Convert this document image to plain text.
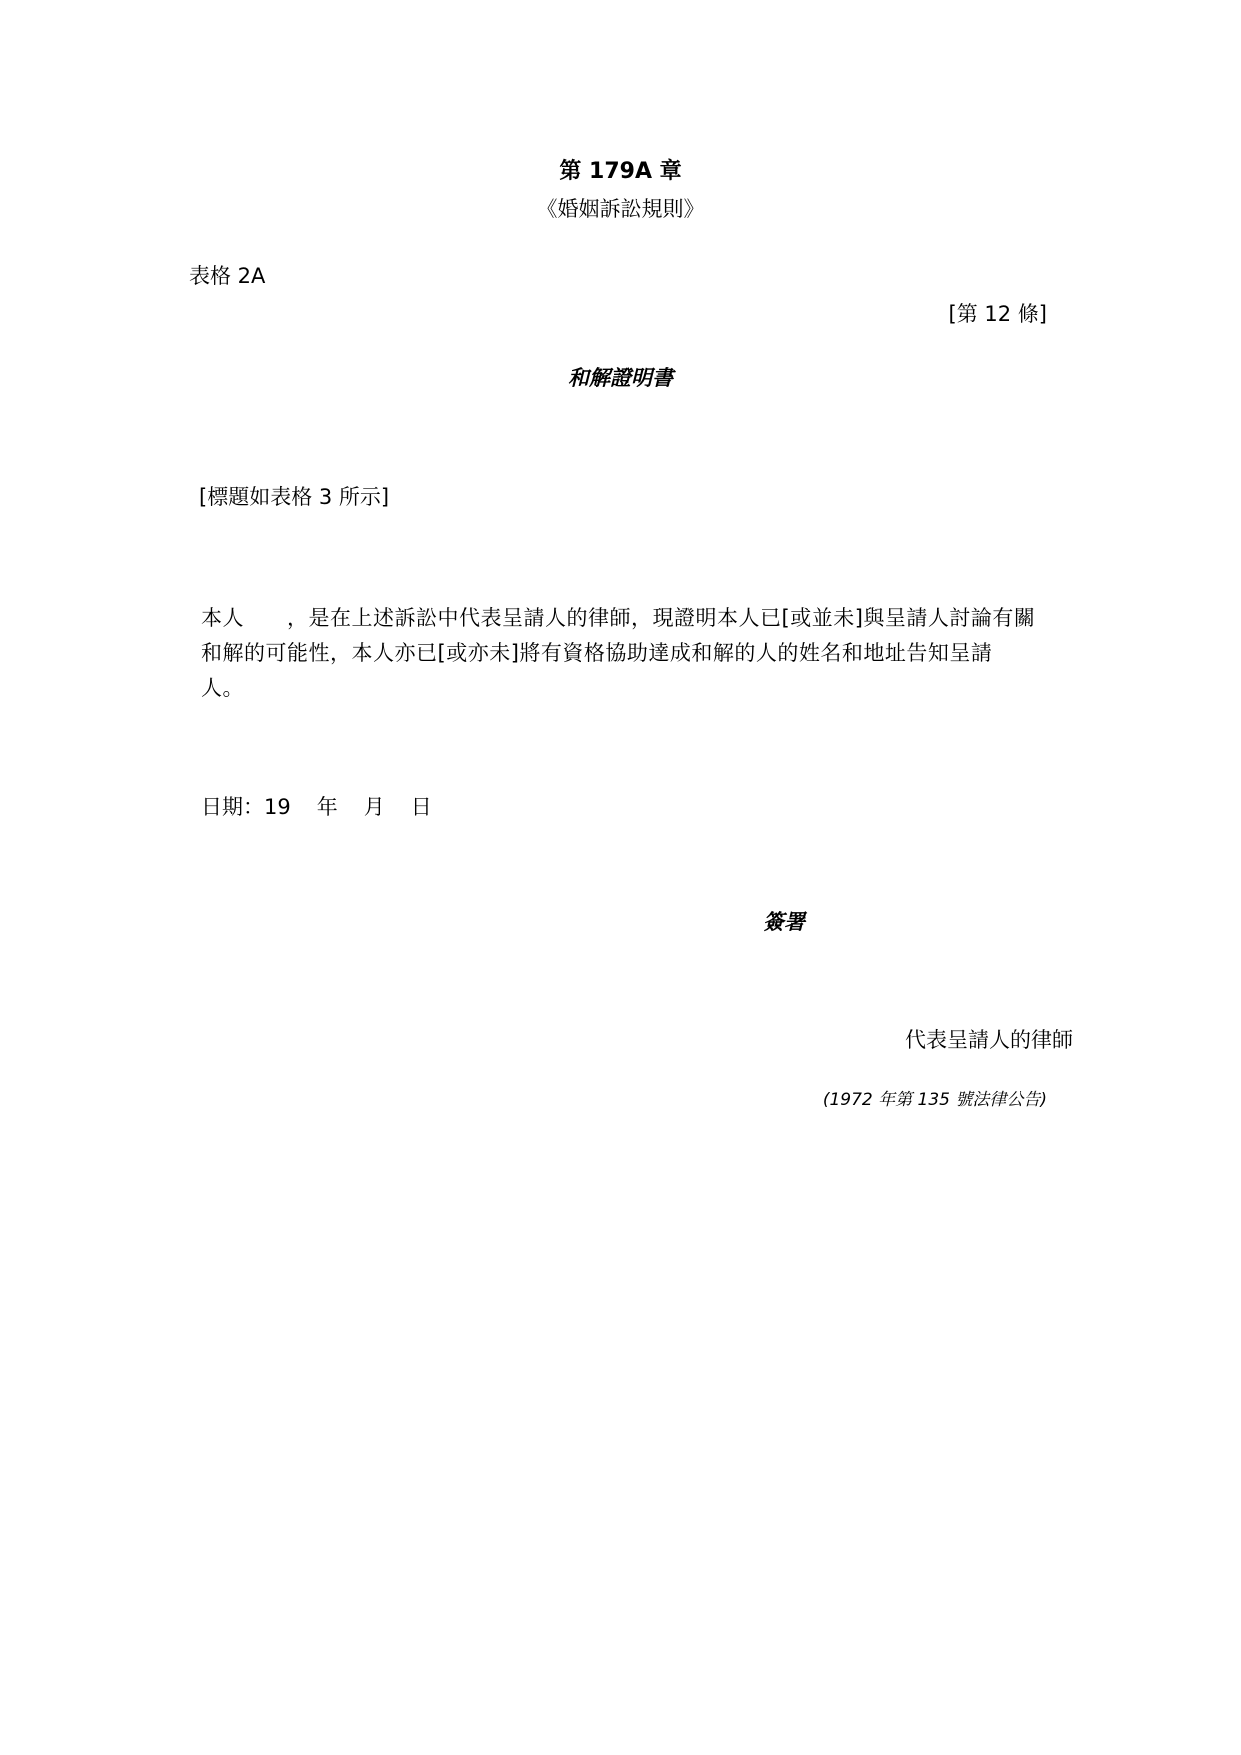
第 179A 章
《婚姻訴訟規則》
表格 2A
[第 12 條]
和解證明書
[標題如表格 3 所示]
本人　　，是在上述訴訟中代表呈請人的律師，現證明本人已[或並未]與呈請人討論有關
和解的可能性，本人亦已[或亦未]將有資格協助達成和解的人的姓名和地址告知呈請
人。
日期：19 年 月 日
簽署
代表呈請人的律師
(1972 年第 135 號法律公告)
